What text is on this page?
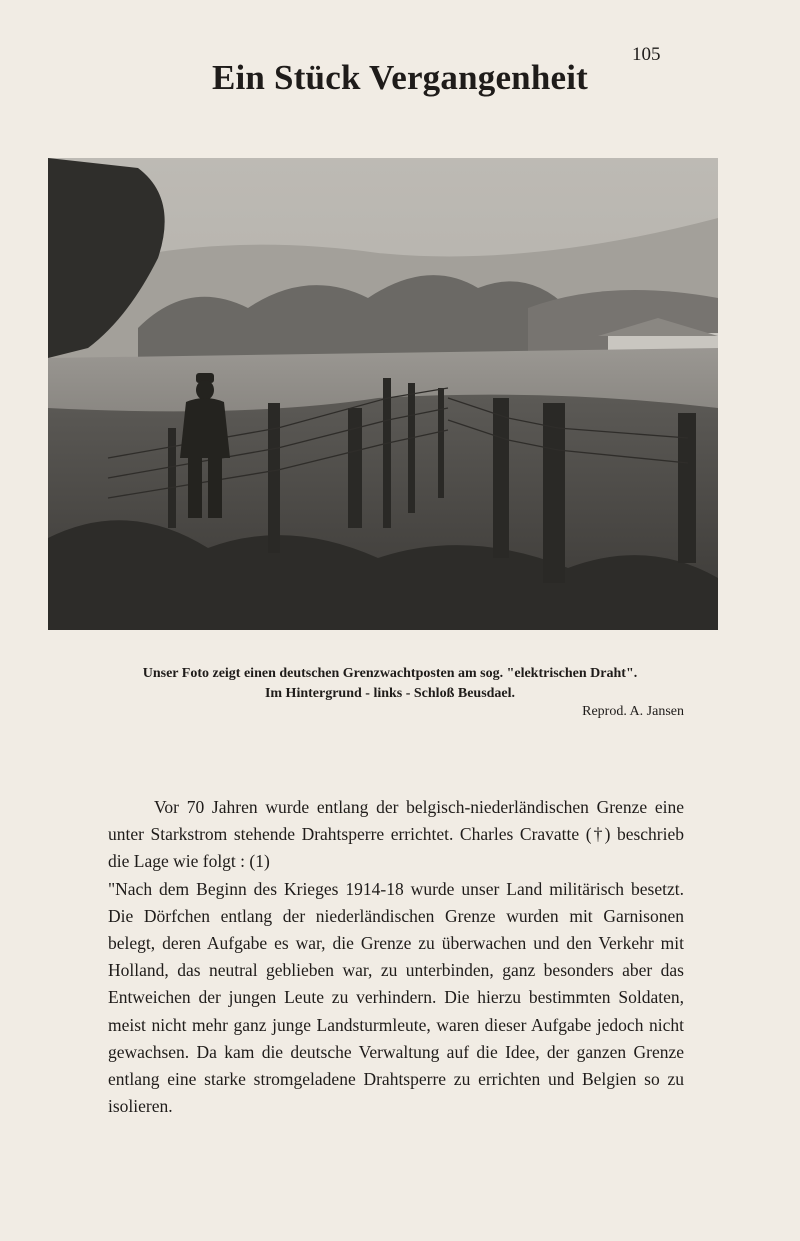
105
Ein Stück Vergangenheit
Unser Foto zeigt einen deutschen Grenzwachtposten am sog. "elektrischen Draht".
Im Hintergrund - links - Schloß Beusdael.
Reprod. A. Jansen

Vor 70 Jahren wurde entlang der belgisch-niederländischen Grenze eine unter Starkstrom stehende Drahtsperre errichtet. Charles Cravatte (†) beschrieb die Lage wie folgt : (1)

"Nach dem Beginn des Krieges 1914-18 wurde unser Land militärisch besetzt. Die Dörfchen entlang der niederländischen Grenze wurden mit Garnisonen belegt, deren Aufgabe es war, die Grenze zu überwachen und den Verkehr mit Holland, das neutral geblieben war, zu unterbinden, ganz besonders aber das Entweichen der jungen Leute zu verhindern. Die hierzu bestimmten Soldaten, meist nicht mehr ganz junge Landsturmleute, waren dieser Aufgabe jedoch nicht gewachsen. Da kam die deutsche Verwaltung auf die Idee, der ganzen Grenze entlang eine starke stromgeladene Drahtsperre zu errichten und Belgien so zu isolieren.
